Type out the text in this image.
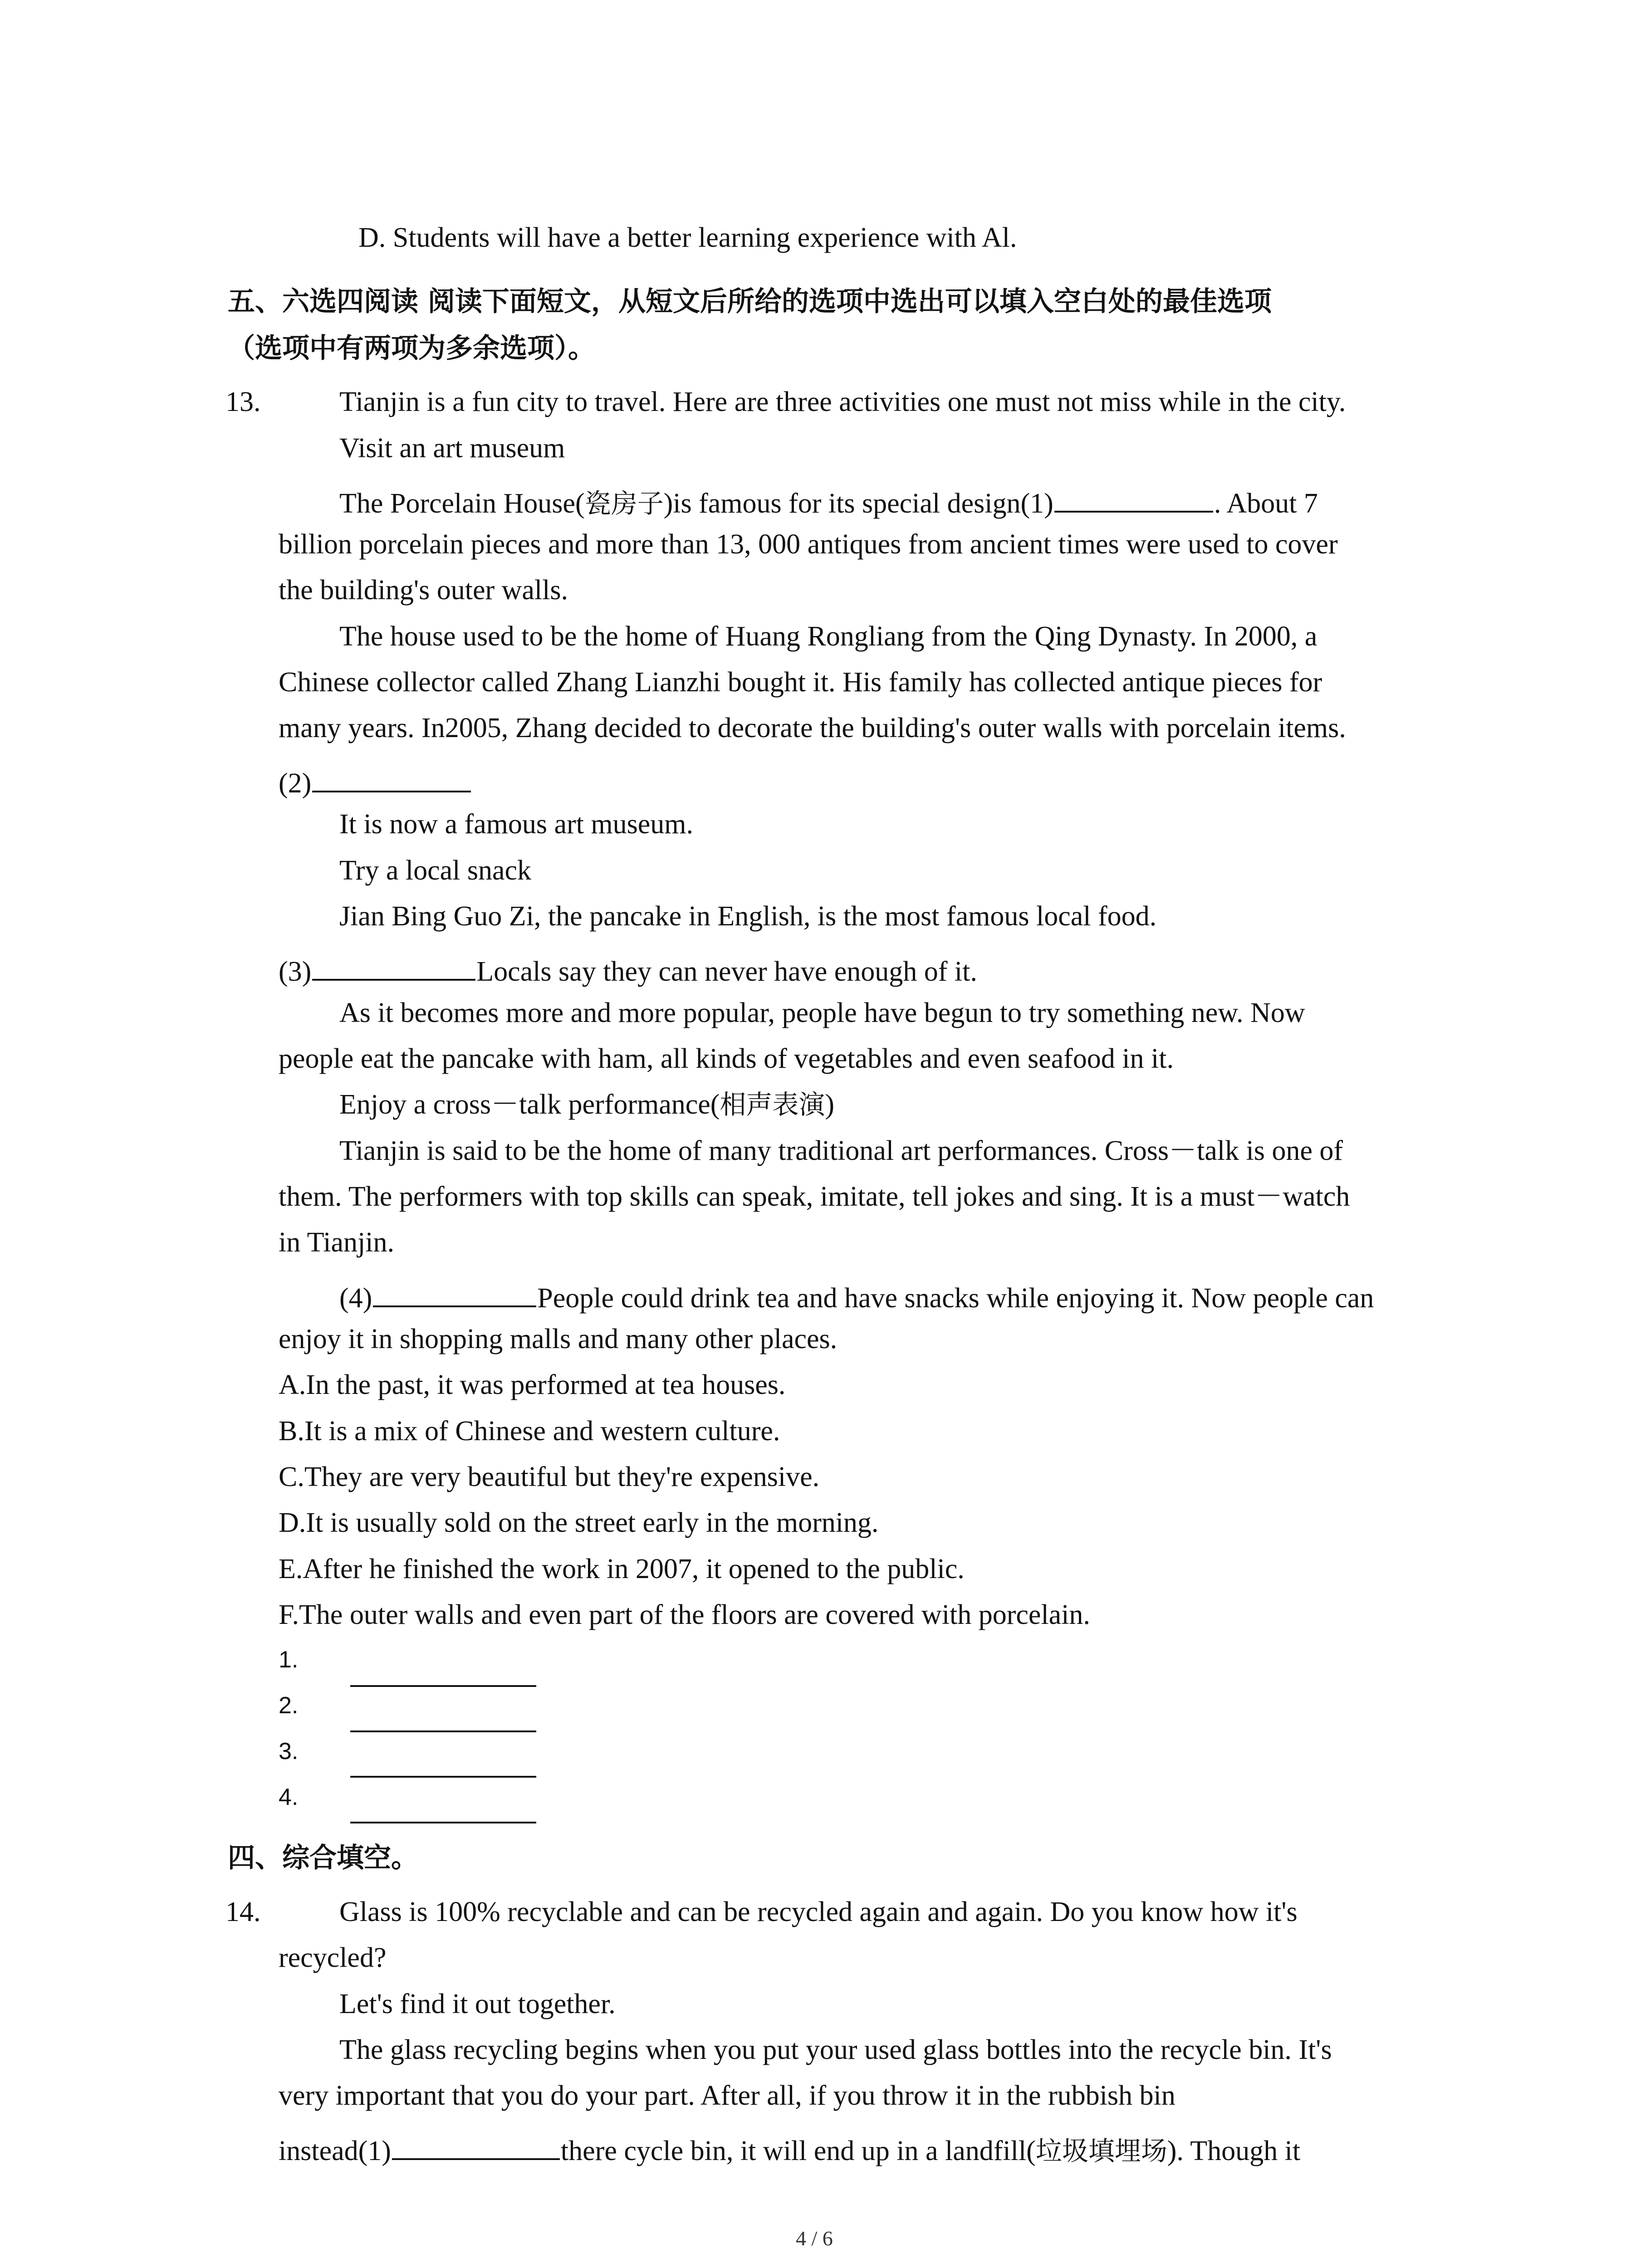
D. Students will have a better learning experience with Al.
五、六选四阅读 阅读下面短文，从短文后所给的选项中选出可以填入空白处的最佳选项
（选项中有两项为多余选项）。
13.	Tianjin is a fun city to travel. Here are three activities one must not miss while in the city.
Visit an art museum
The Porcelain House(瓷房子)is famous for its special design(1)	. About 7
billion porcelain pieces and more than 13, 000 antiques from ancient times were used to cover
the building's outer walls.
The house used to be the home of Huang Rongliang from the Qing Dynasty. In 2000, a
Chinese collector called Zhang Lianzhi bought it. His family has collected antique pieces for
many years. In2005, Zhang decided to decorate the building's outer walls with porcelain items.
(2)
It is now a famous art museum.
Try a local snack
Jian Bing Guo Zi, the pancake in English, is the most famous local food.
(3)	Locals say they can never have enough of it.
As it becomes more and more popular, people have begun to try something new. Now
people eat the pancake with ham, all kinds of vegetables and even seafood in it.
Enjoy a cross－talk performance(相声表演)
Tianjin is said to be the home of many traditional art performances. Cross－talk is one of
them. The performers with top skills can speak, imitate, tell jokes and sing. It is a must－watch
in Tianjin.
(4)	People could drink tea and have snacks while enjoying it. Now people can
enjoy it in shopping malls and many other places.
A.In the past, it was performed at tea houses.
B.It is a mix of Chinese and western culture.
C.They are very beautiful but they're expensive.
D.It is usually sold on the street early in the morning.
E.After he finished the work in 2007, it opened to the public.
F.The outer walls and even part of the floors are covered with porcelain.
1.
2.
3.
4.
四、综合填空。
14.	Glass is 100% recyclable and can be recycled again and again. Do you know how it's
recycled?
Let's find it out together.
The glass recycling begins when you put your used glass bottles into the recycle bin. It's
very important that you do your part. After all, if you throw it in the rubbish bin
instead(1)	there cycle bin, it will end up in a landfill(垃圾填埋场). Though it
4 / 6
